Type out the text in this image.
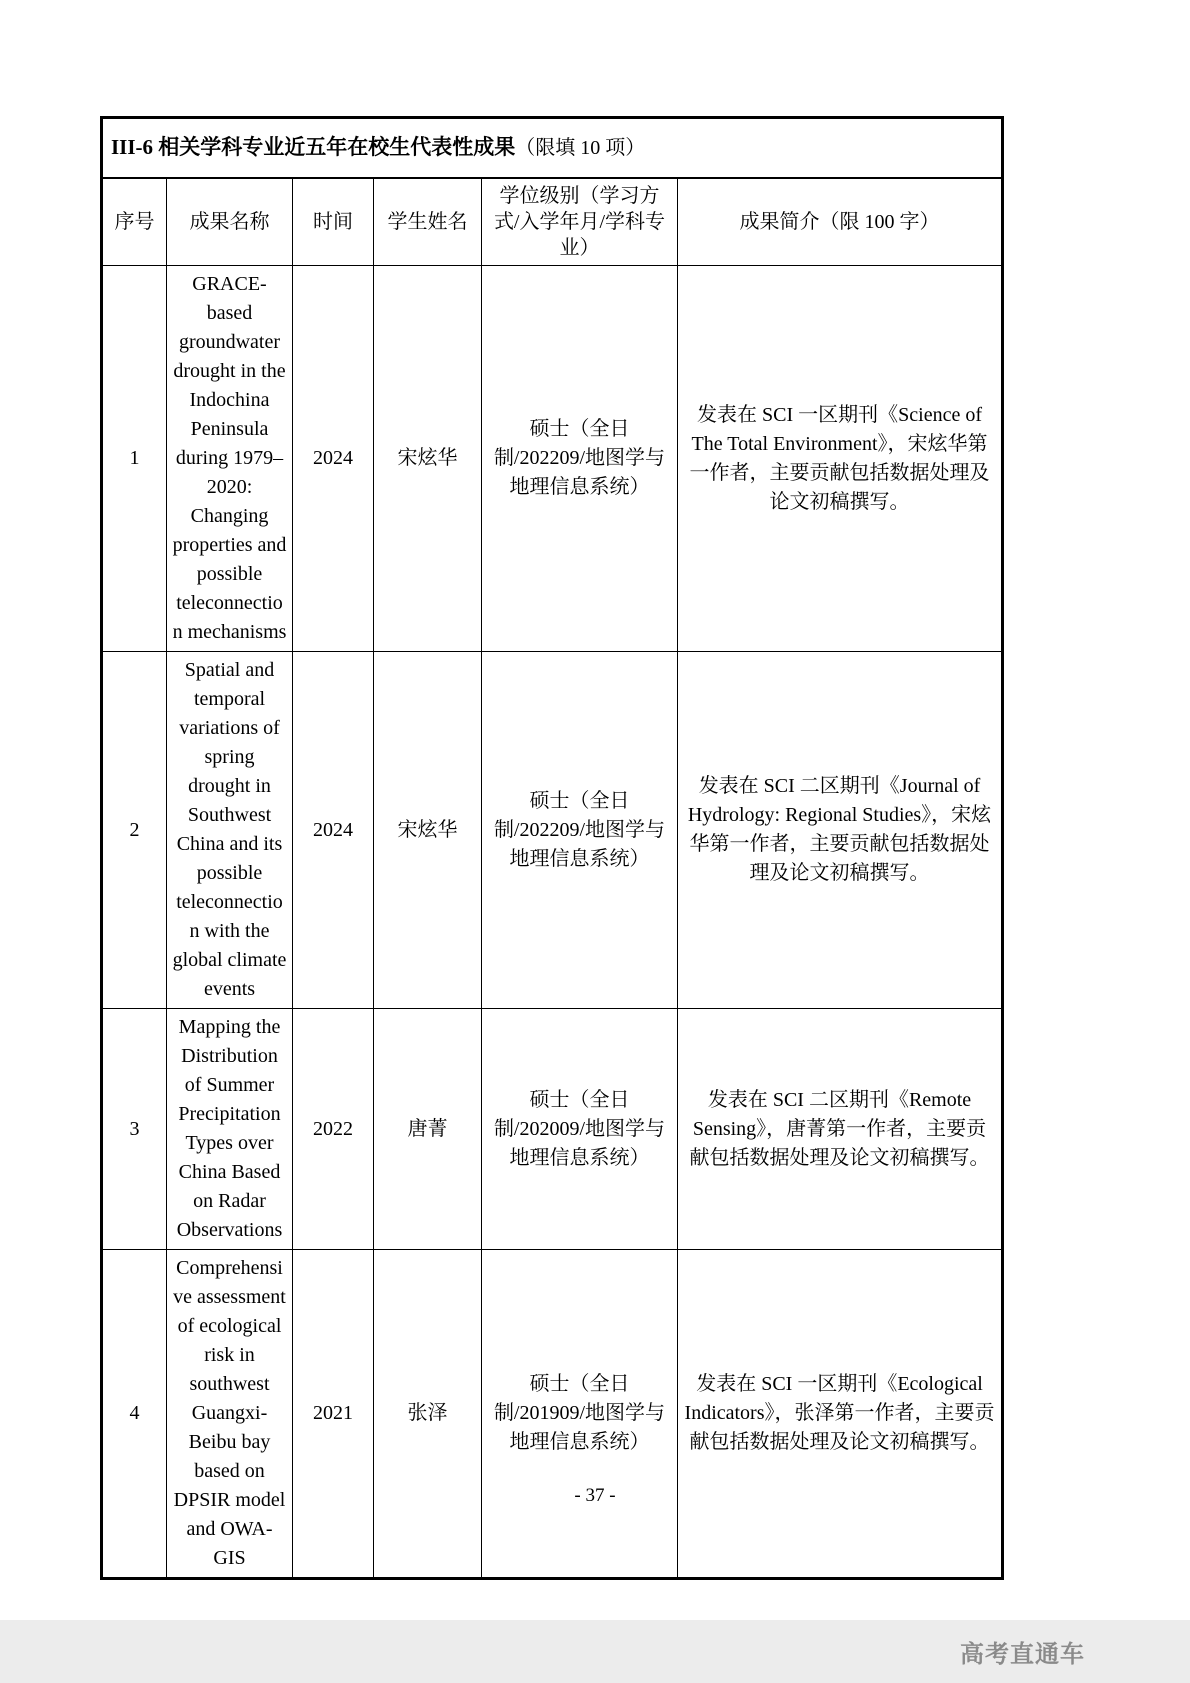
III-6 相关学科专业近五年在校生代表性成果（限填 10 项）					
序号	成果名称	时间	学生姓名	学位级别（学习方式/入学年月/学科专业）	成果简介（限 100 字）
1	GRACE-based groundwater drought in the Indochina Peninsula during 1979–2020: Changing properties and possible teleconnection mechanisms	2024	宋炫华	硕士（全日制/202209/地图学与地理信息系统）	发表在 SCI 一区期刊《Science of The Total Environment》，宋炫华第一作者，主要贡献包括数据处理及论文初稿撰写。
2	Spatial and temporal variations of spring drought in Southwest China and its possible teleconnection with the global climate events	2024	宋炫华	硕士（全日制/202209/地图学与地理信息系统）	发表在 SCI 二区期刊《Journal of Hydrology: Regional Studies》，宋炫华第一作者，主要贡献包括数据处理及论文初稿撰写。
3	Mapping the Distribution of Summer Precipitation Types over China Based on Radar Observations	2022	唐菁	硕士（全日制/202009/地图学与地理信息系统）	发表在 SCI 二区期刊《Remote Sensing》，唐菁第一作者，主要贡献包括数据处理及论文初稿撰写。
4	Comprehensive assessment of ecological risk in southwest Guangxi-Beibu bay based on DPSIR model and OWA-GIS	2021	张泽	硕士（全日制/201909/地图学与地理信息系统）	发表在 SCI 一区期刊《Ecological Indicators》，张泽第一作者，主要贡献包括数据处理及论文初稿撰写。
- 37 -
高考直通车
